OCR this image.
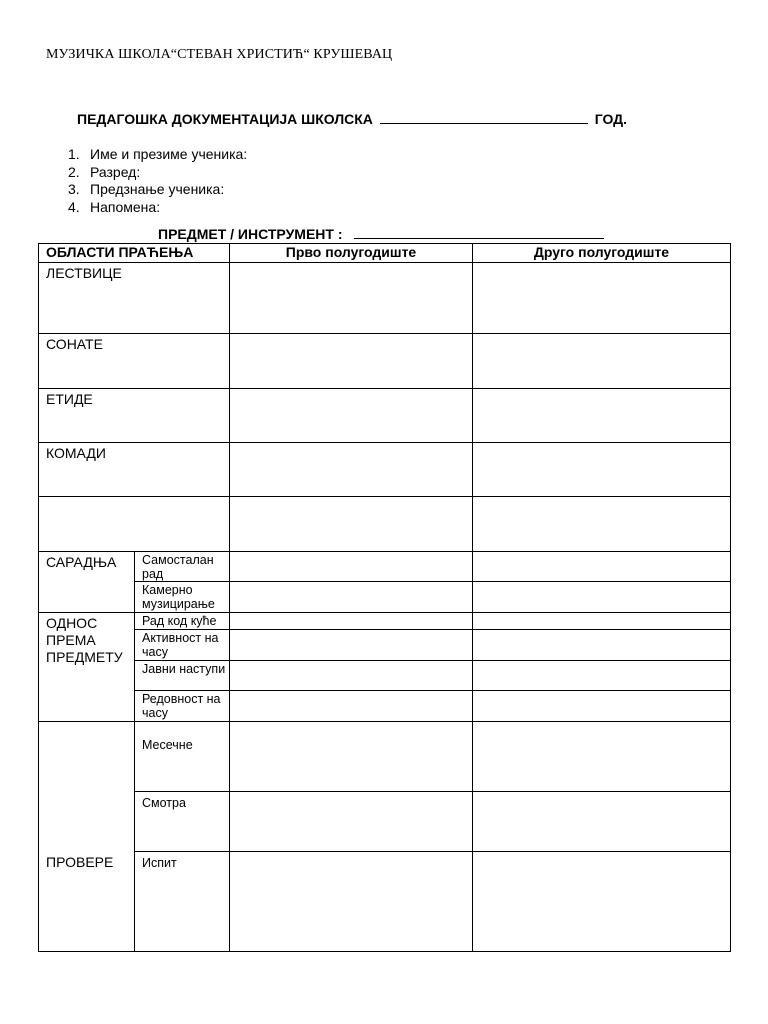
МУЗИЧКА ШКОЛА“СТЕВАН ХРИСТИЋ“ КРУШЕВАЦ
ПЕДАГОШКА ДОКУМЕНТАЦИЈА ШКОЛСКА	ГОД.
1. Име и презиме ученика:
2. Разред:
3. Предзнање ученика:
4. Напомена:
ПРЕДМЕТ / ИНСТРУМЕНТ :
ОБЛАСТИ ПРАЋЕЊА		Прво полугодиште	Друго полугодиште
ЛЕСТВИЦЕ			
СОНАТЕ			
ЕТИДЕ			
КОМАДИ			

САРАДЊА	Самосталан рад		
	Камерно музицирање		
ОДНОС ПРЕМА ПРЕДМЕТУ	Рад код куће		
	Активност на часу		
	Јавни наступи		
	Редовност на часу		
ПРОВЕРЕ	Месечне		
	Смотра		
	Испит		
